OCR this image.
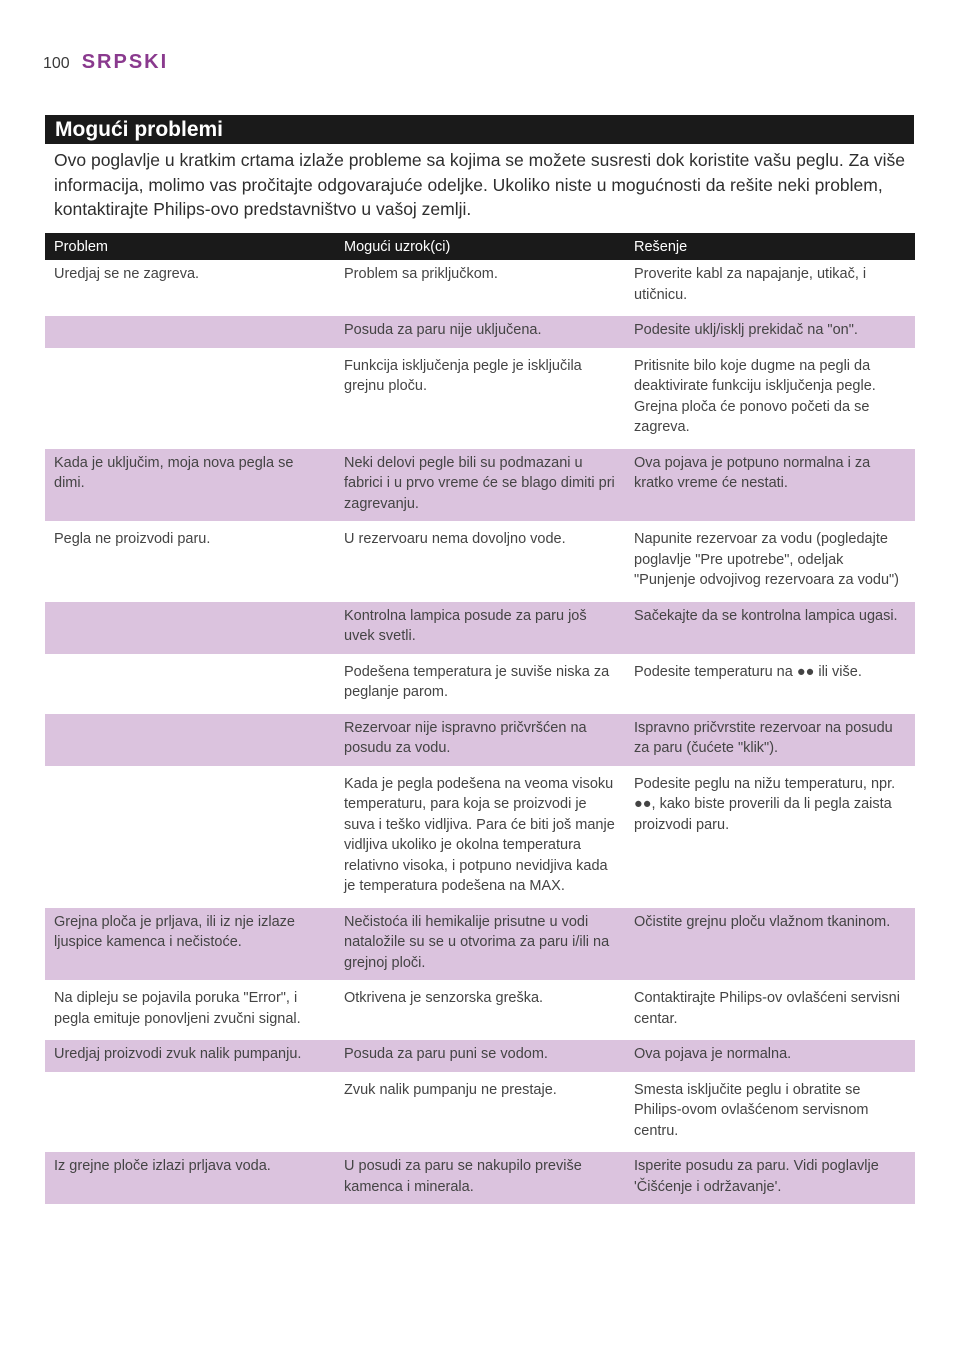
100 SRPSKI
Mogući problemi

Ovo poglavlje u kratkim crtama izlaže probleme sa kojima se možete susresti dok koristite vašu peglu. Za više informacija, molimo vas pročitajte odgovarajuće odeljke. Ukoliko niste u mogućnosti da rešite neki problem, kontaktirajte Philips-ovo predstavništvo u vašoj zemlji.

Problem	Mogući uzrok(ci)	Rešenje
Uredjaj se ne zagreva.	Problem sa priključkom.	Proverite kabl za napajanje, utikač, i utičnicu.
	Posuda za paru nije uključena.	Podesite uklj/isklj prekidač na "on".
	Funkcija isključenja pegle je isključila grejnu ploču.	Pritisnite bilo koje dugme na pegli da deaktivirate funkciju isključenja pegle. Grejna ploča će ponovo početi da se zagreva.
Kada je uključim, moja nova pegla se dimi.	Neki delovi pegle bili su podmazani u fabrici i u prvo vreme će se blago dimiti pri zagrevanju.	Ova pojava je potpuno normalna i za kratko vreme će nestati.
Pegla ne proizvodi paru.	U rezervoaru nema dovoljno vode.	Napunite rezervoar za vodu (pogledajte poglavlje "Pre upotrebe", odeljak "Punjenje odvojivog rezervoara za vodu")
	Kontrolna lampica posude za paru još uvek svetli.	Sačekajte da se kontrolna lampica ugasi.
	Podešena temperatura je suviše niska za peglanje parom.	Podesite temperaturu na ●● ili više.
	Rezervoar nije ispravno pričvršćen na posudu za vodu.	Ispravno pričvrstite rezervoar na posudu za paru (čućete "klik").
	Kada je pegla podešena na veoma visoku temperaturu, para koja se proizvodi je suva i teško vidljiva. Para će biti još manje vidljiva ukoliko je okolna temperatura relativno visoka, i potpuno nevidjiva kada je temperatura podešena na MAX.	Podesite peglu na nižu temperaturu, npr. ●●, kako biste proverili da li pegla zaista proizvodi paru.
Grejna ploča je prljava, ili iz nje izlaze ljuspice kamenca i nečistoće.	Nečistoća ili hemikalije prisutne u vodi nataložile su se u otvorima za paru i/ili na grejnoj ploči.	Očistite grejnu ploču vlažnom tkaninom.
Na dipleju se pojavila poruka "Error", i pegla emituje ponovljeni zvučni signal.	Otkrivena je senzorska greška.	Contaktirajte Philips-ov ovlašćeni servisni centar.
Uredjaj proizvodi zvuk nalik pumpanju.	Posuda za paru puni se vodom.	Ova pojava je normalna.
	Zvuk nalik pumpanju ne prestaje.	Smesta isključite peglu i obratite se Philips-ovom ovlašćenom servisnom centru.
Iz grejne ploče izlazi prljava voda.	U posudi za paru se nakupilo previše kamenca i minerala.	Isperite posudu za paru. Vidi poglavlje 'Čišćenje i održavanje'.
